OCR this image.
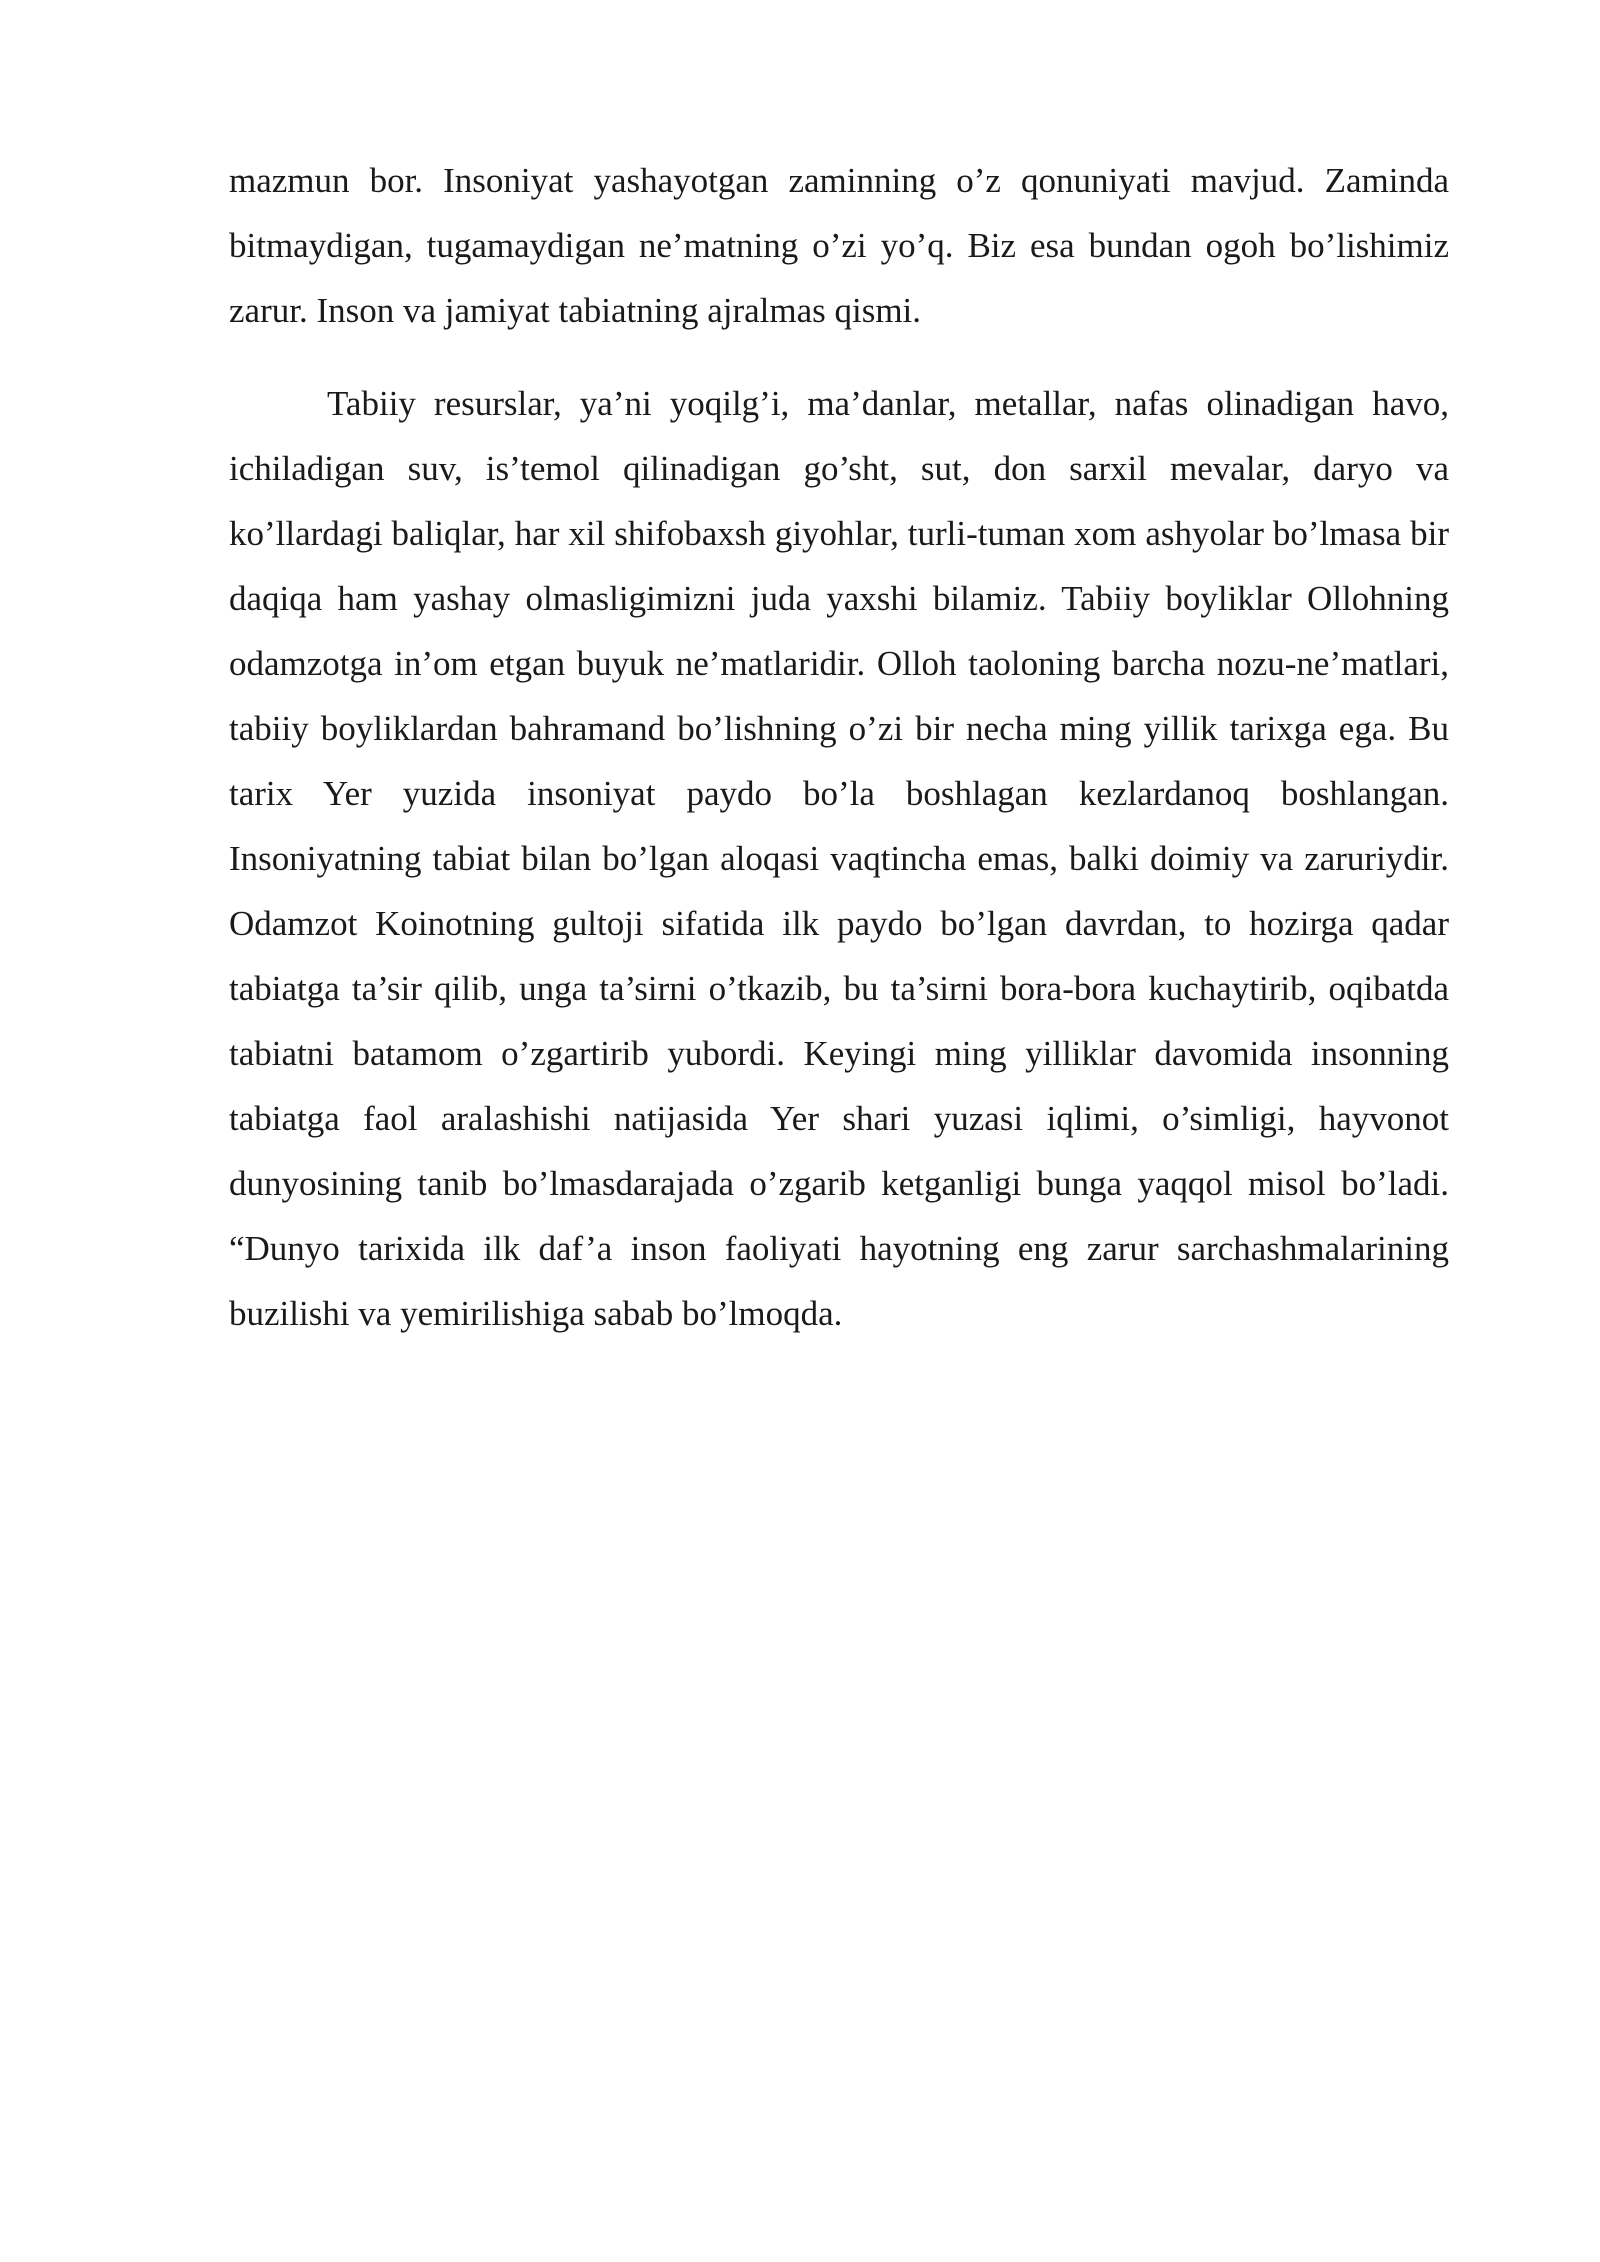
mazmun bor. Insoniyat yashayotgan zaminning o’z qonuniyati mavjud. Zaminda bitmaydigan, tugamaydigan ne’matning o’zi yo’q. Biz esa bundan ogoh bo’lishimiz zarur. Inson va jamiyat tabiatning ajralmas qismi.

Tabiiy resurslar, ya’ni yoqilg’i, ma’danlar, metallar, nafas olinadigan havo, ichiladigan suv, is’temol qilinadigan go’sht, sut, don sarxil mevalar, daryo va ko’llardagi baliqlar, har xil shifobaxsh giyohlar, turli-tuman xom ashyolar bo’lmasa bir daqiqa ham yashay olmasligimizni juda yaxshi bilamiz. Tabiiy boyliklar Ollohning odamzotga in’om etgan buyuk ne’matlaridir. Olloh taoloning barcha nozu-ne’matlari, tabiiy boyliklardan bahramand bo’lishning o’zi bir necha ming yillik tarixga ega. Bu tarix Yer yuzida insoniyat paydo bo’la boshlagan kezlardanoq boshlangan. Insoniyatning tabiat bilan bo’lgan aloqasi vaqtincha emas, balki doimiy va zaruriydir. Odamzot Koinotning gultoji sifatida ilk paydo bo’lgan davrdan, to hozirga qadar tabiatga ta’sir qilib, unga ta’sirni o’tkazib, bu ta’sirni bora-bora kuchaytirib, oqibatda tabiatni batamom o’zgartirib yubordi. Keyingi ming yilliklar davomida insonning tabiatga faol aralashishi natijasida Yer shari yuzasi iqlimi, o’simligi, hayvonot dunyosining tanib bo’lmasdarajada o’zgarib ketganligi bunga yaqqol misol bo’ladi. “Dunyo tarixida ilk daf’a inson faoliyati hayotning eng zarur sarchashmalarining buzilishi va yemirilishiga sabab bo’lmoqda.
